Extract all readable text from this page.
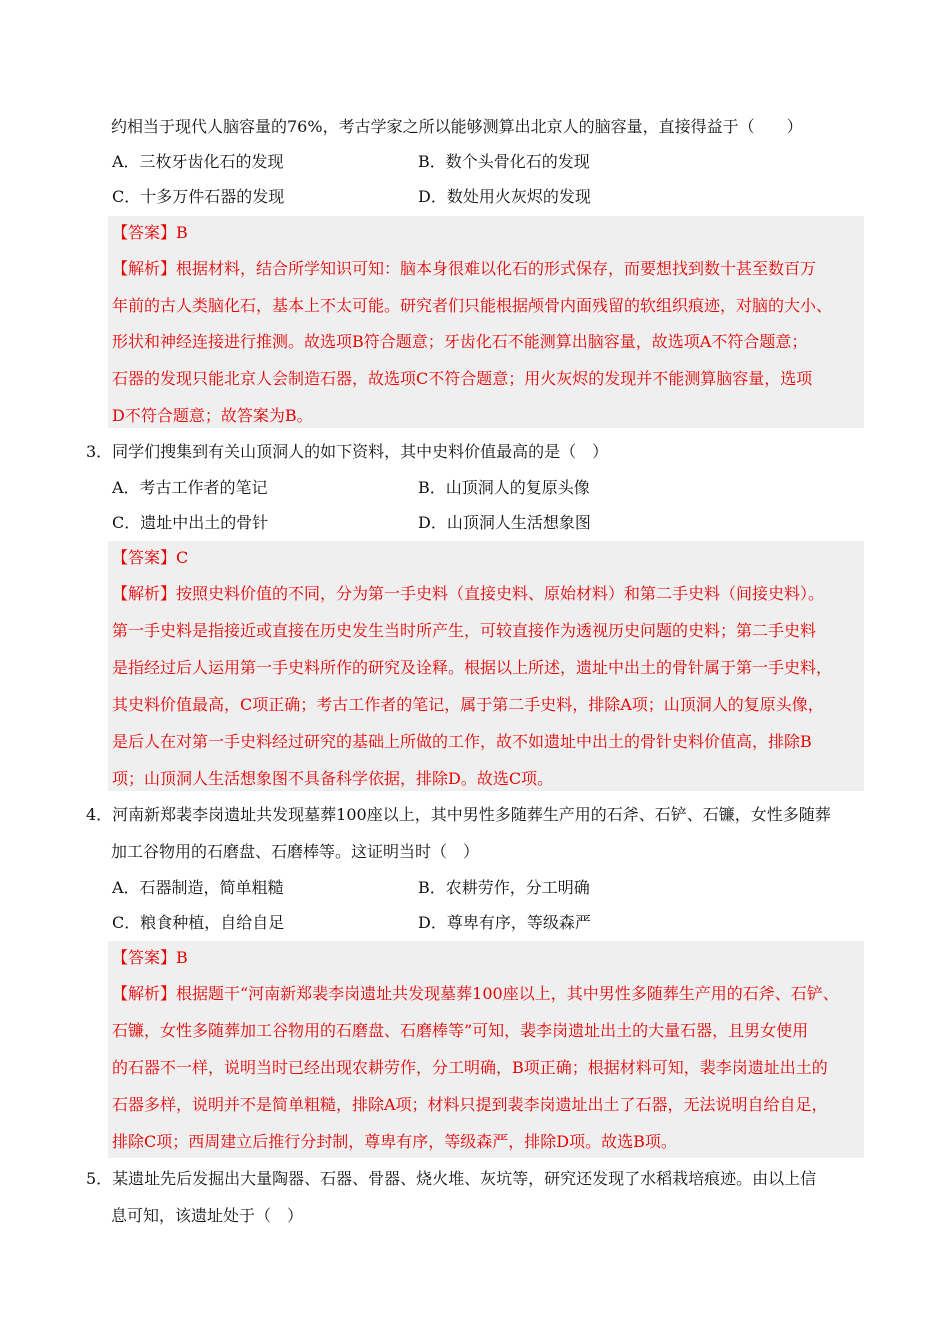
约相当于现代人脑容量的76%，考古学家之所以能够测算出北京人的脑容量，直接得益于（　　）
A．三枚牙齿化石的发现	B．数个头骨化石的发现
C．十多万件石器的发现	D．数处用火灰烬的发现
【答案】B
【解析】根据材料，结合所学知识可知：脑本身很难以化石的形式保存，而要想找到数十甚至数百万
年前的古人类脑化石，基本上不太可能。研究者们只能根据颅骨内面残留的软组织痕迹，对脑的大小、
形状和神经连接进行推测。故选项B符合题意；牙齿化石不能测算出脑容量，故选项A不符合题意；
石器的发现只能北京人会制造石器，故选项C不符合题意；用火灰烬的发现并不能测算脑容量，选项
D不符合题意；故答案为B。
3．同学们搜集到有关山顶洞人的如下资料，其中史料价值最高的是（　）
A．考古工作者的笔记	B．山顶洞人的复原头像
C．遗址中出土的骨针	D．山顶洞人生活想象图
【答案】C
【解析】按照史料价值的不同，分为第一手史料（直接史料、原始材料）和第二手史料（间接史料）。
第一手史料是指接近或直接在历史发生当时所产生，可较直接作为透视历史问题的史料；第二手史料
是指经过后人运用第一手史料所作的研究及诠释。根据以上所述，遗址中出土的骨针属于第一手史料，
其史料价值最高，C项正确；考古工作者的笔记，属于第二手史料，排除A项；山顶洞人的复原头像，
是后人在对第一手史料经过研究的基础上所做的工作，故不如遗址中出土的骨针史料价值高，排除B
项；山顶洞人生活想象图不具备科学依据，排除D。故选C项。
4．河南新郑裴李岗遗址共发现墓葬100座以上，其中男性多随葬生产用的石斧、石铲、石镰，女性多随葬
加工谷物用的石磨盘、石磨棒等。这证明当时（　）
A．石器制造，简单粗糙	B．农耕劳作，分工明确
C．粮食种植，自给自足	D．尊卑有序，等级森严
【答案】B
【解析】根据题干“河南新郑裴李岗遗址共发现墓葬100座以上，其中男性多随葬生产用的石斧、石铲、
石镰，女性多随葬加工谷物用的石磨盘、石磨棒等”可知，裴李岗遗址出土的大量石器，且男女使用
的石器不一样，说明当时已经出现农耕劳作，分工明确，B项正确；根据材料可知，裴李岗遗址出土的
石器多样，说明并不是简单粗糙，排除A项；材料只提到裴李岗遗址出土了石器，无法说明自给自足，
排除C项；西周建立后推行分封制，尊卑有序，等级森严，排除D项。故选B项。
5．某遗址先后发掘出大量陶器、石器、骨器、烧火堆、灰坑等，研究还发现了水稻栽培痕迹。由以上信
息可知，该遗址处于（　）
